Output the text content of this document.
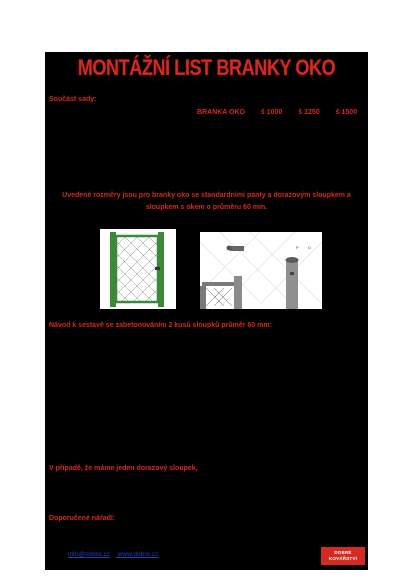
MONTÁŽNÍ LIST BRANKY OKO
Součást sady:
BRANKA OKO š 1000 š 1250 š 1500
Uvedené rozměry jsou pro branky oko se standardními panty a dorazovým sloupkem a sloupkem s okem o průměru 60 mm.
P D
Návod k sestavě se zabetonováním 2 kusů sloupků průměr 60 mm:
V případě, že máme jeden dorazový sloupek,
Doporučené nářadí:
info@dobre.cz www.dobre.cz	DOBRÉ
KOVÁŘSTVÍ
